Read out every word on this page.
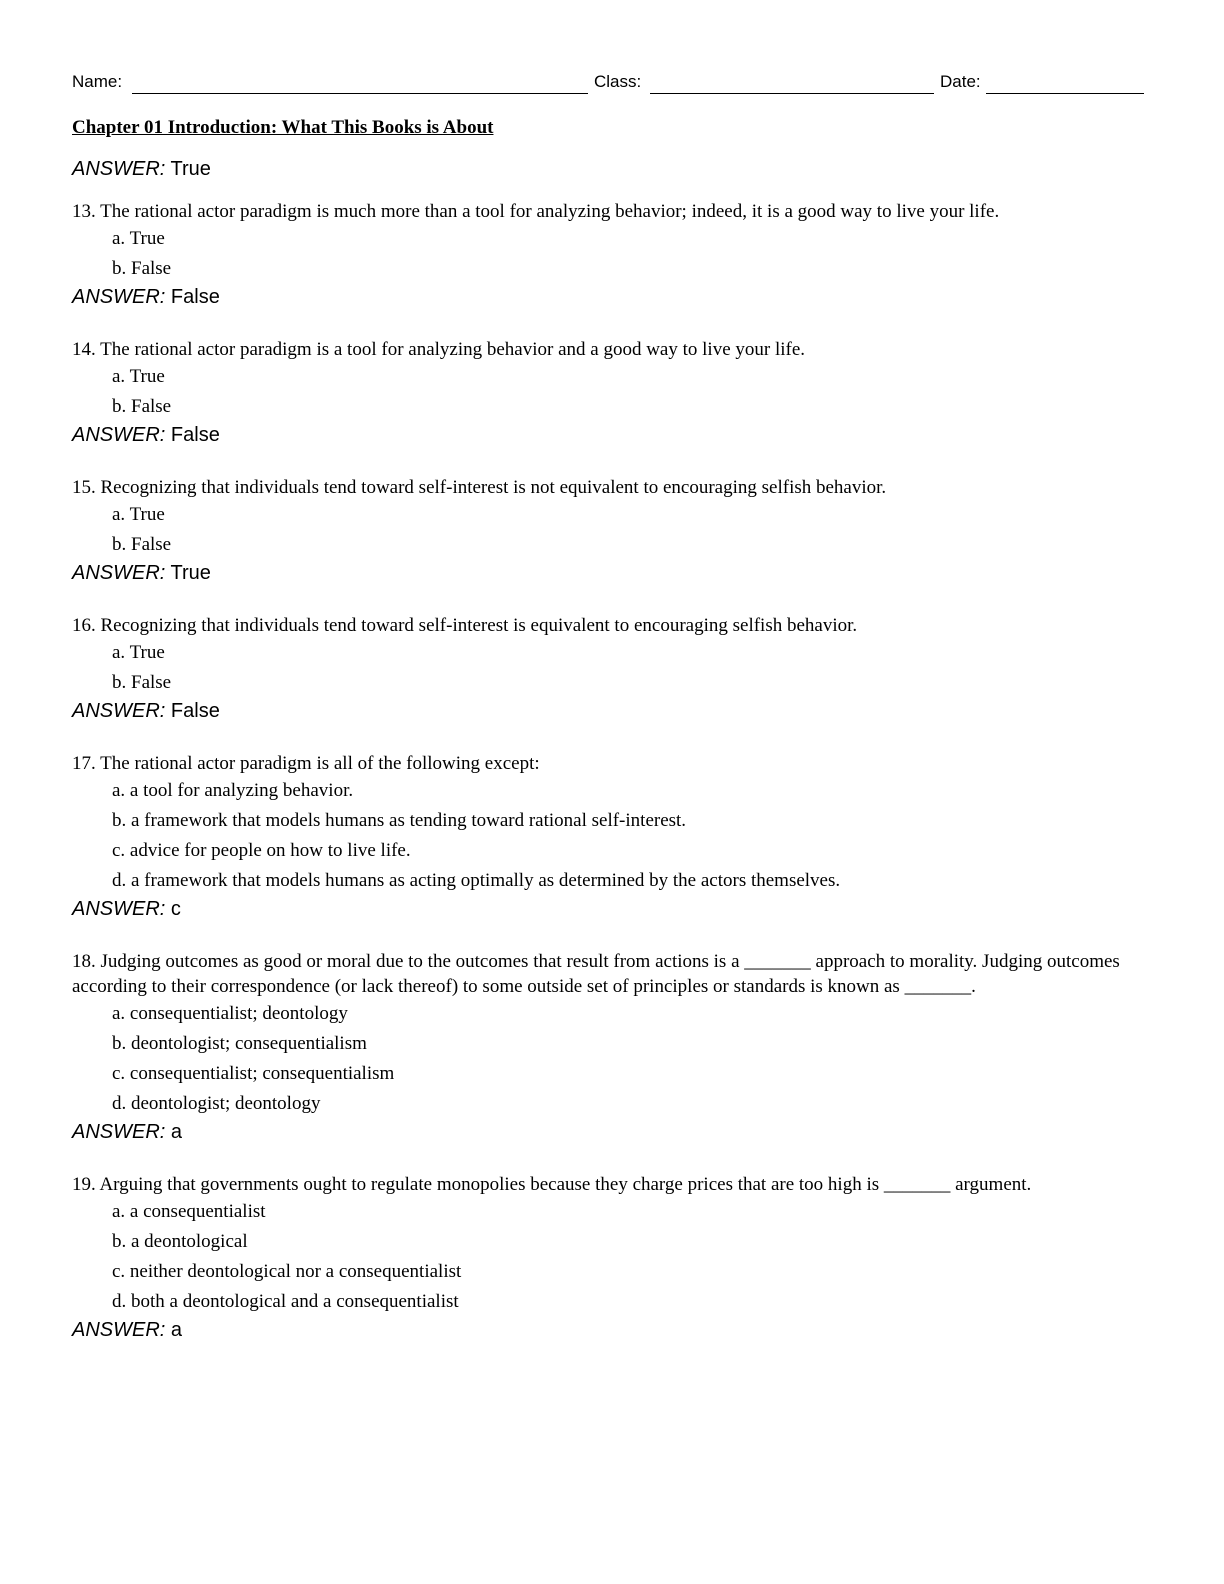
Name:	Class:	Date:
Chapter 01 Introduction: What This Books is About
ANSWER: True
13. The rational actor paradigm is much more than a tool for analyzing behavior; indeed, it is a good way to live your life.
a. True
b. False
ANSWER: False
14. The rational actor paradigm is a tool for analyzing behavior and a good way to live your life.
a. True
b. False
ANSWER: False
15. Recognizing that individuals tend toward self-interest is not equivalent to encouraging selfish behavior.
a. True
b. False
ANSWER: True
16. Recognizing that individuals tend toward self-interest is equivalent to encouraging selfish behavior.
a. True
b. False
ANSWER: False
17. The rational actor paradigm is all of the following except:
a. a tool for analyzing behavior.
b. a framework that models humans as tending toward rational self-interest.
c. advice for people on how to live life.
d. a framework that models humans as acting optimally as determined by the actors themselves.
ANSWER: c
18. Judging outcomes as good or moral due to the outcomes that result from actions is a _______ approach to morality. Judging outcomes according to their correspondence (or lack thereof) to some outside set of principles or standards is known as _______.
a. consequentialist; deontology
b. deontologist; consequentialism
c. consequentialist; consequentialism
d. deontologist; deontology
ANSWER: a
19. Arguing that governments ought to regulate monopolies because they charge prices that are too high is _______ argument.
a. a consequentialist
b. a deontological
c. neither deontological nor a consequentialist
d. both a deontological and a consequentialist
ANSWER: a
